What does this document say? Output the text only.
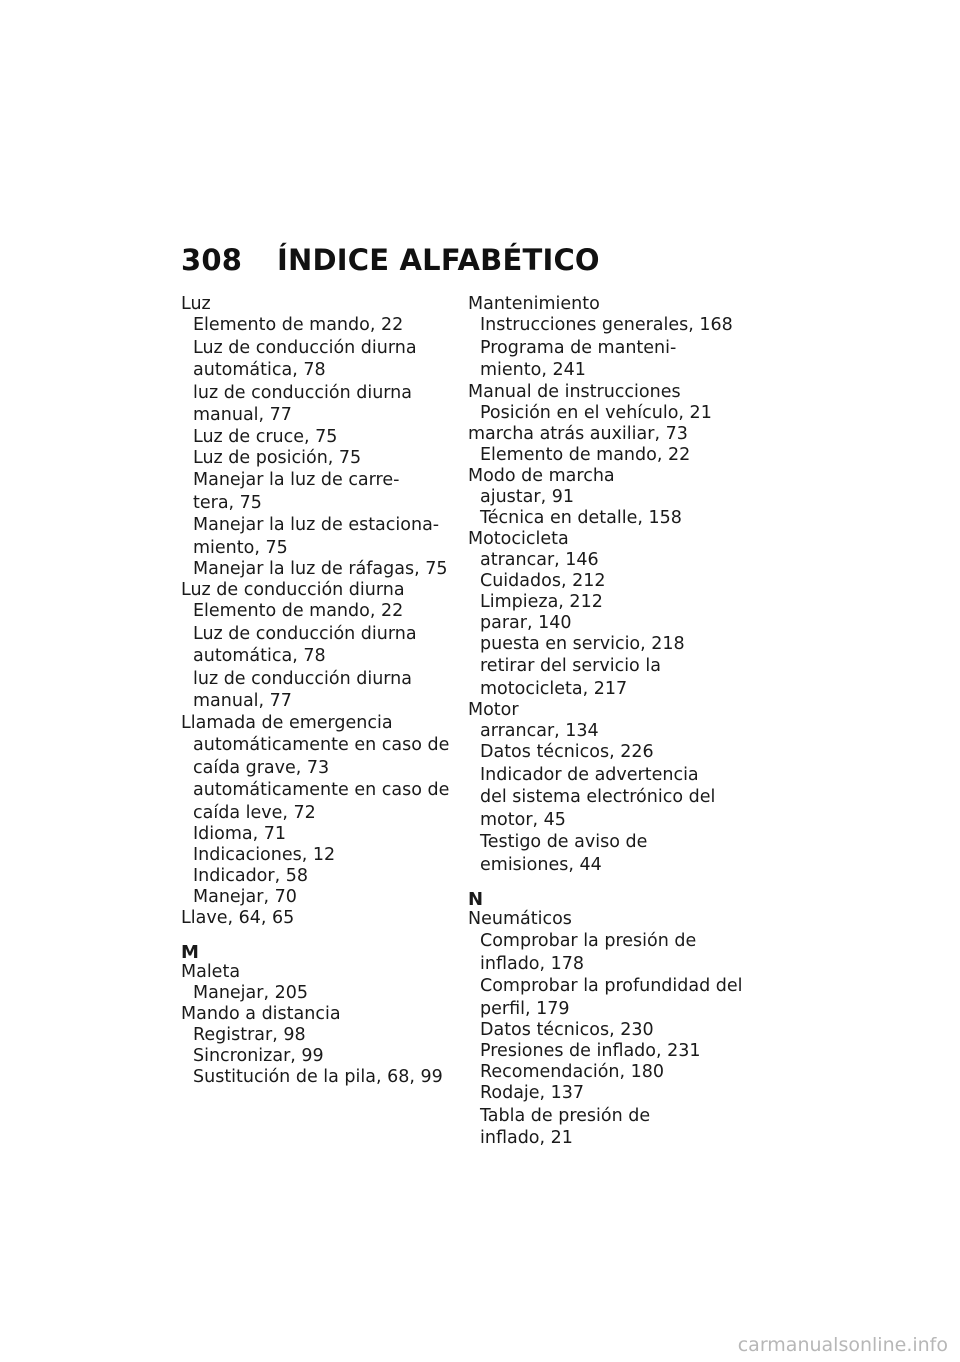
308 ÍNDICE ALFABÉTICO

Luz

Elemento de mando, 22

Luz de conducción diurna

automática, 78

luz de conducción diurna

manual, 77

Luz de cruce, 75

Luz de posición, 75

Manejar la luz de carre-

tera, 75

Manejar la luz de estaciona-

miento, 75

Manejar la luz de ráfagas, 75

Luz de conducción diurna

Elemento de mando, 22

Luz de conducción diurna

automática, 78

luz de conducción diurna

manual, 77

Llamada de emergencia

automáticamente en caso de

caída grave, 73

automáticamente en caso de

caída leve, 72

Idioma, 71

Indicaciones, 12

Indicador, 58

Manejar, 70

Llave, 64, 65

M

Maleta

Manejar, 205

Mando a distancia

Registrar, 98

Sincronizar, 99

Sustitución de la pila, 68, 99

Mantenimiento

Instrucciones generales, 168

Programa de manteni-

miento, 241

Manual de instrucciones

Posición en el vehículo, 21

marcha atrás auxiliar, 73

Elemento de mando, 22

Modo de marcha

ajustar, 91

Técnica en detalle, 158

Motocicleta

atrancar, 146

Cuidados, 212

Limpieza, 212

parar, 140

puesta en servicio, 218

retirar del servicio la

motocicleta, 217

Motor

arrancar, 134

Datos técnicos, 226

Indicador de advertencia

del sistema electrónico del

motor, 45

Testigo de aviso de

emisiones, 44

N

Neumáticos

Comprobar la presión de

inflado, 178

Comprobar la profundidad del

perfil, 179

Datos técnicos, 230

Presiones de inflado, 231

Recomendación, 180

Rodaje, 137

Tabla de presión de

inflado, 21

carmanualsonline.info
